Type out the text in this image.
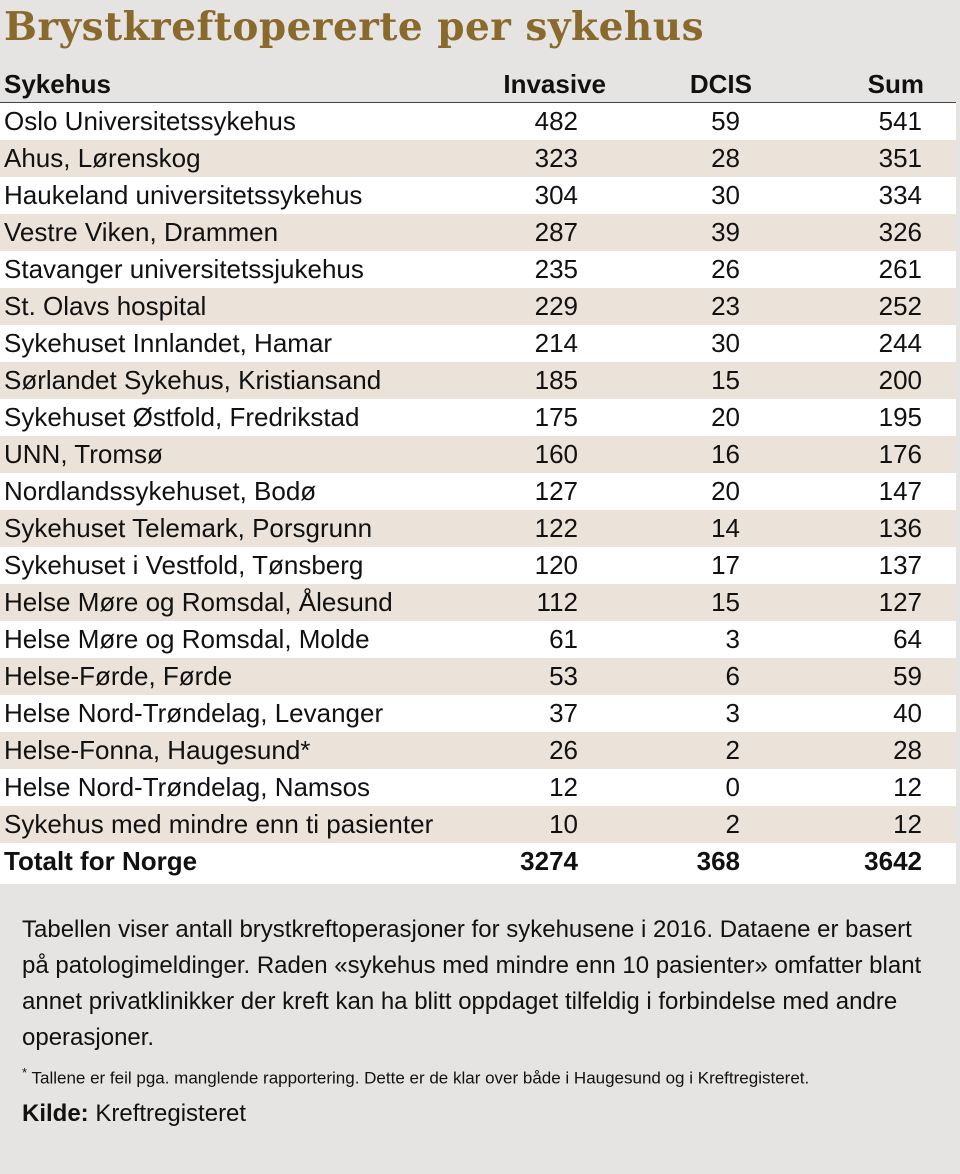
Brystkreftopererte per sykehus
Sykehus	Invasive	DCIS	Sum
Oslo Universitetssykehus	482	59	541
Ahus, Lørenskog	323	28	351
Haukeland universitetssykehus	304	30	334
Vestre Viken, Drammen	287	39	326
Stavanger universitetssjukehus	235	26	261
St. Olavs hospital	229	23	252
Sykehuset Innlandet, Hamar	214	30	244
Sørlandet Sykehus, Kristiansand	185	15	200
Sykehuset Østfold, Fredrikstad	175	20	195
UNN, Tromsø	160	16	176
Nordlandssykehuset, Bodø	127	20	147
Sykehuset Telemark, Porsgrunn	122	14	136
Sykehuset i Vestfold, Tønsberg	120	17	137
Helse Møre og Romsdal, Ålesund	112	15	127
Helse Møre og Romsdal, Molde	61	3	64
Helse-Førde, Førde	53	6	59
Helse Nord-Trøndelag, Levanger	37	3	40
Helse-Fonna, Haugesund*	26	2	28
Helse Nord-Trøndelag, Namsos	12	0	12
Sykehus med mindre enn ti pasienter	10	2	12
Totalt for Norge	3274	368	3642

Tabellen viser antall brystkreftoperasjoner for sykehusene i 2016. Dataene er basert på patologimeldinger. Raden «sykehus med mindre enn 10 pasienter» omfatter blant annet privatklinikker der kreft kan ha blitt oppdaget tilfeldig i forbindelse med andre operasjoner.

* Tallene er feil pga. manglende rapportering. Dette er de klar over både i Haugesund og i Kreftregisteret.

Kilde: Kreftregisteret
